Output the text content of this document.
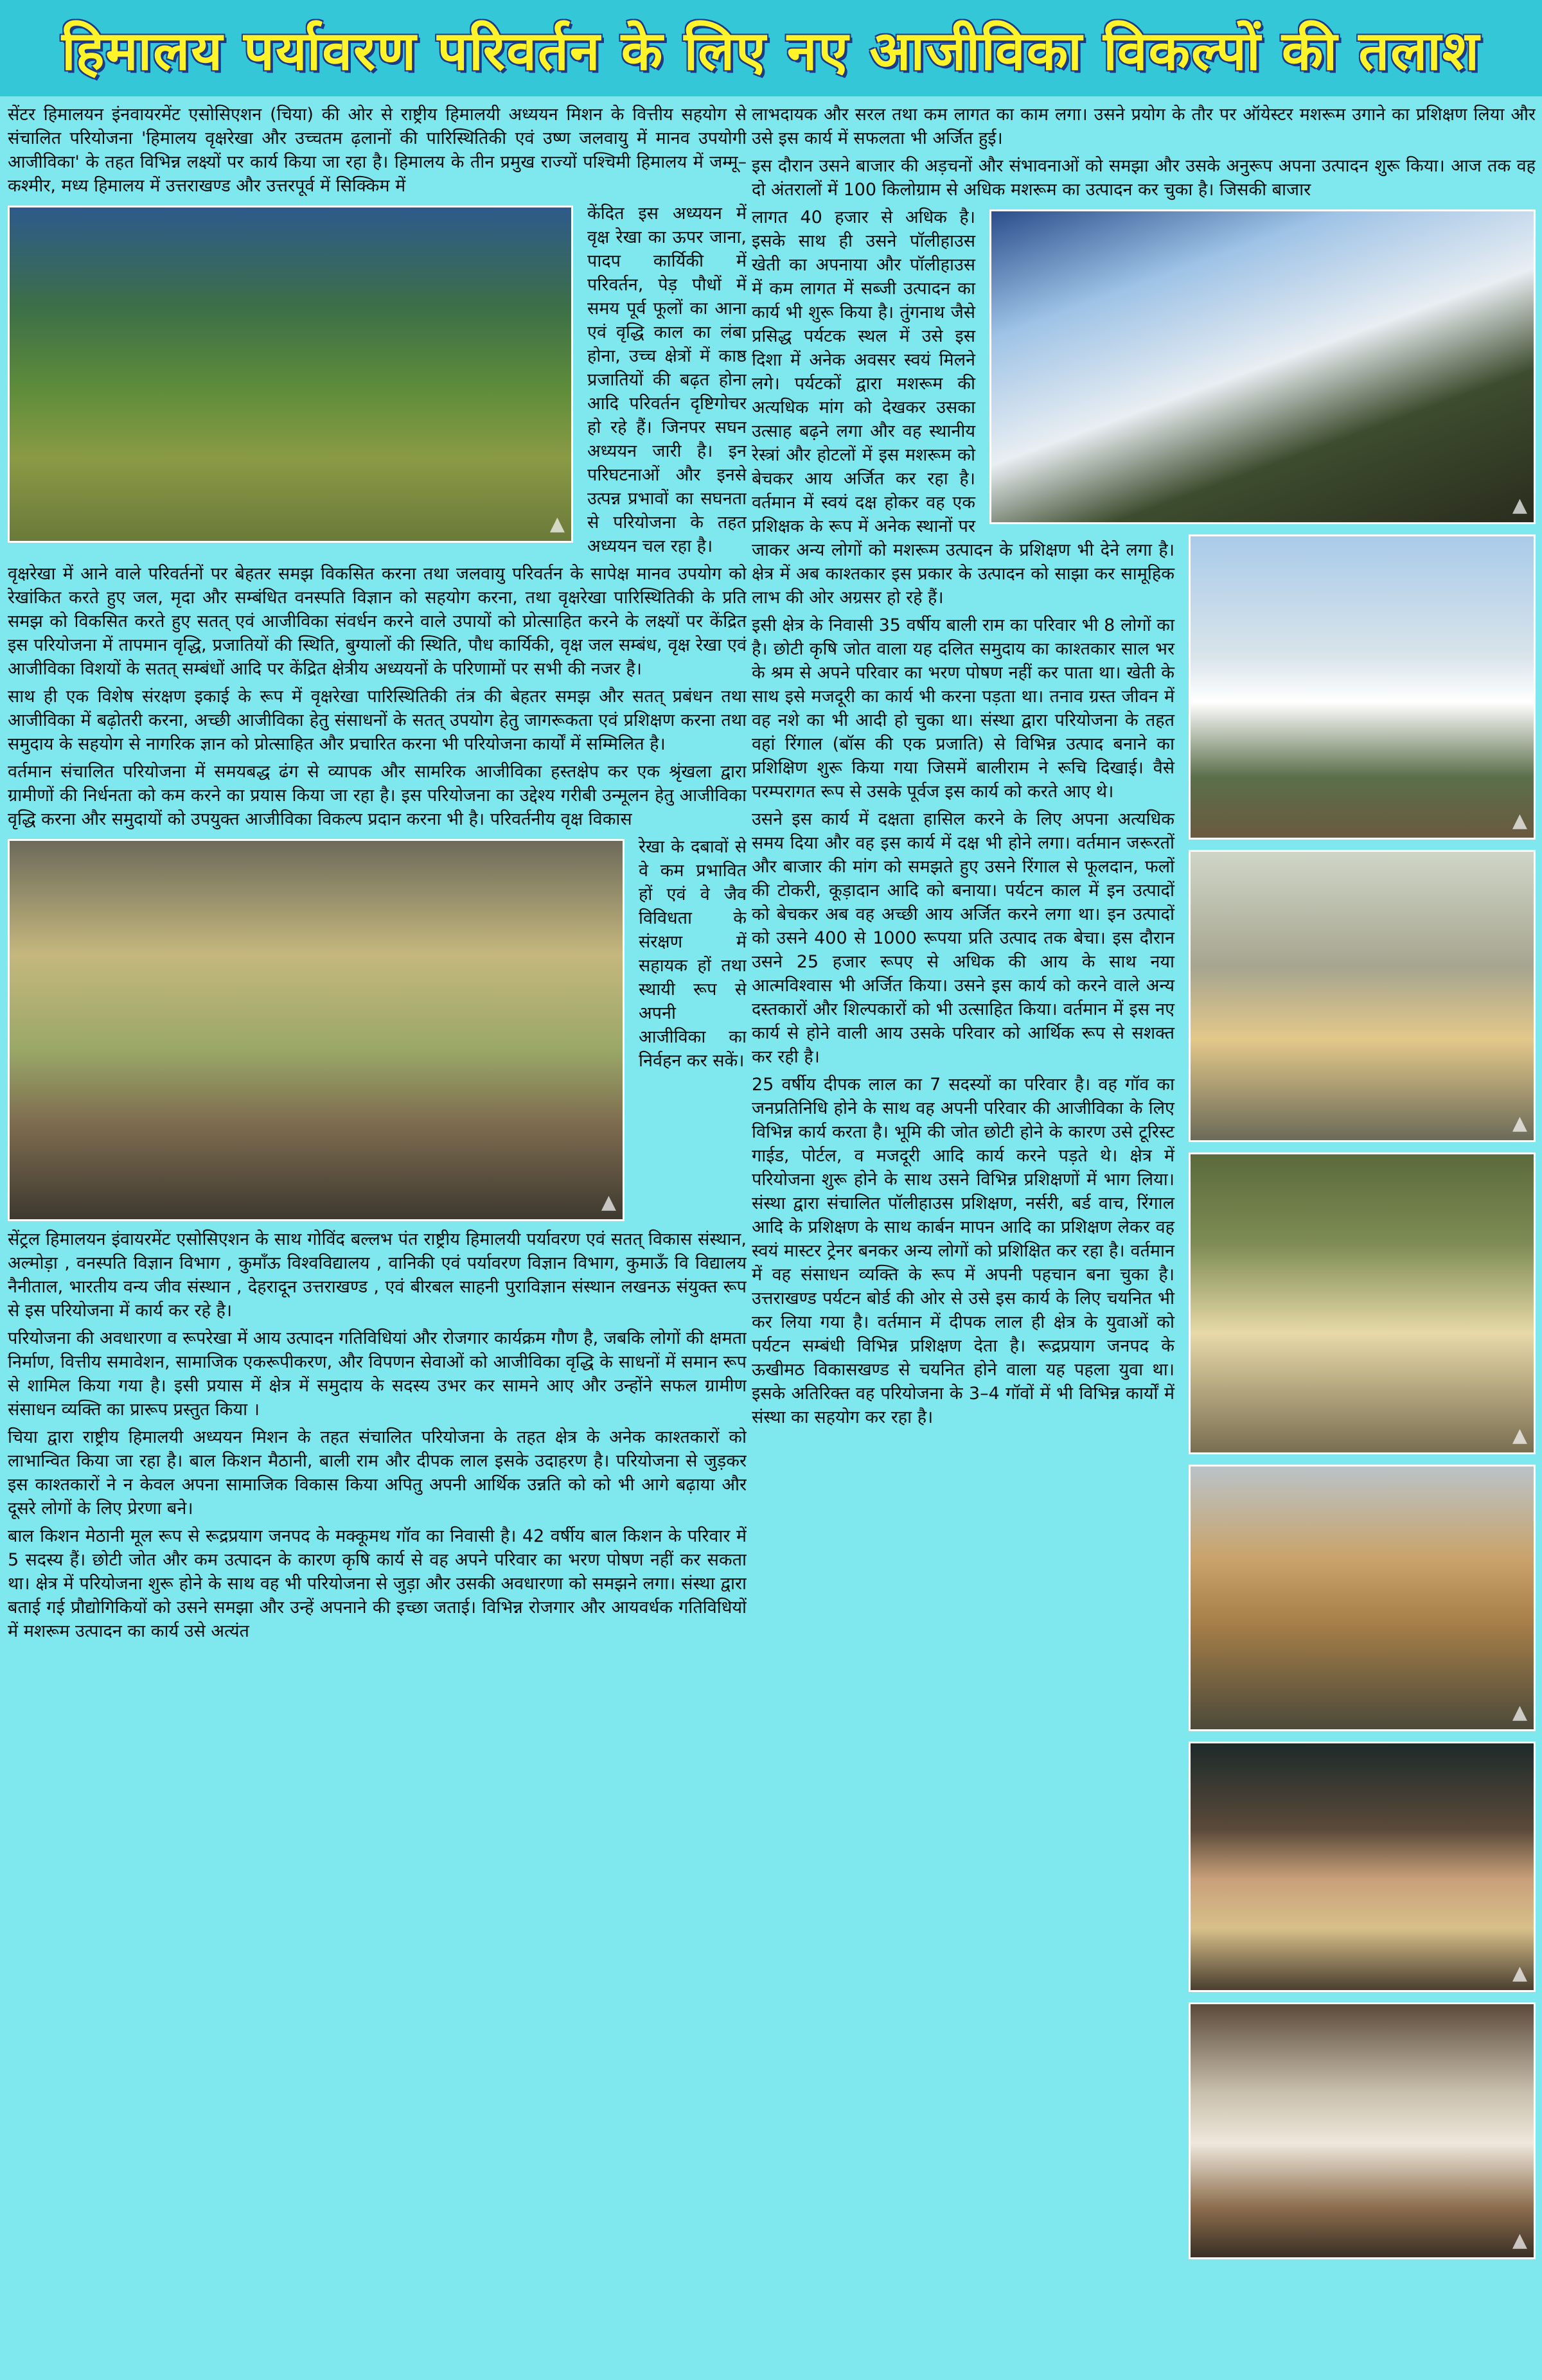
हिमालय पर्यावरण परिवर्तन के लिए नए आजीविका विकल्पों की तलाश

सेंटर हिमालयन इंनवायरमेंट एसोसिएशन (चिया) की ओर से राष्ट्रीय हिमालयी अध्ययन मिशन के वित्तीय सहयोग से संचालित परियोजना 'हिमालय वृक्षरेखा और उच्चतम ढ़लानों की पारिस्थितिकी एवं उष्ण जलवायु में मानव उपयोगी आजीविका' के तहत विभिन्न लक्ष्यों पर कार्य किया जा रहा है। हिमालय के तीन प्रमुख राज्यों पश्चिमी हिमालय में जम्मू–कश्मीर, मध्य हिमालय में उत्तराखण्ड और उत्तरपूर्व में सिक्किम में

▲

केंदित इस अध्ययन में वृक्ष रेखा का ऊपर जाना, पादप कार्यिकी में परिवर्तन, पेड़ पौधों में समय पूर्व फूलों का आना एवं वृद्धि काल का लंबा होना, उच्च क्षेत्रों में काष्ठ प्रजातियों की बढ़त होना आदि परिवर्तन दृष्टिगोचर हो रहे हैं। जिनपर सघन अध्ययन जारी है। इन परिघटनाओं और इनसे उत्पन्न प्रभावों का सघनता से परियोजना के तहत अध्ययन चल रहा है।

वृक्षरेखा में आने वाले परिवर्तनों पर बेहतर समझ विकसित करना तथा जलवायु परिवर्तन के सापेक्ष मानव उपयोग को रेखांकित करते हुए जल, मृदा और सम्बंधित वनस्पति विज्ञान को सहयोग करना, तथा वृक्षरेखा पारिस्थितिकी के प्रति समझ को विकसित करते हुए सतत् एवं आजीविका संवर्धन करने वाले उपायों को प्रोत्साहित करने के लक्ष्यों पर केंद्रित इस परियोजना में तापमान वृद्धि, प्रजातियों की स्थिति, बुग्यालों की स्थिति, पौध कार्यिकी, वृक्ष जल सम्बंध, वृक्ष रेखा एवं आजीविका विशयों के सतत् सम्बंधों आदि पर केंद्रित क्षेत्रीय अध्ययनों के परिणामों पर सभी की नजर है।

साथ ही एक विशेष संरक्षण इकाई के रूप में वृक्षरेखा पारिस्थितिकी तंत्र की बेहतर समझ और सतत् प्रबंधन तथा आजीविका में बढ़ोतरी करना, अच्छी आजीविका हेतु संसाधनों के सतत् उपयोग हेतु जागरूकता एवं प्रशिक्षण करना तथा समुदाय के सहयोग से नागरिक ज्ञान को प्रोत्साहित और प्रचारित करना भी परियोजना कार्यों में सम्मिलित है।

वर्तमान संचालित परियोजना में समयबद्ध ढंग से व्यापक और सामरिक आजीविका हस्तक्षेप कर एक श्रृंखला द्वारा ग्रामीणों की निर्धनता को कम करने का प्रयास किया जा रहा है। इस परियोजना का उद्देश्य गरीबी उन्मूलन हेतु आजीविका वृद्धि करना और समुदायों को उपयुक्त आजीविका विकल्प प्रदान करना भी है। परिवर्तनीय वृक्ष विकास

▲

रेखा के दबावों से वे कम प्रभावित हों एवं वे जैव विविधता के संरक्षण में सहायक हों तथा स्थायी रूप से अपनी आजीविका का निर्वहन कर सकें।

सेंट्रल हिमालयन इंवायरमेंट एसोसिएशन के साथ गोविंद बल्लभ पंत राष्ट्रीय हिमालयी पर्यावरण एवं सतत् विकास संस्थान, अल्मोड़ा , वनस्पति विज्ञान विभाग , कुमाँऊ विश्वविद्यालय , वानिकी एवं पर्यावरण विज्ञान विभाग, कुमाऊँ वि विद्यालय नैनीताल, भारतीय वन्य जीव संस्थान , देहरादून उत्तराखण्ड , एवं बीरबल साहनी पुराविज्ञान संस्थान लखनऊ संयुक्त रूप से इस परियोजना में कार्य कर रहे है।

परियोजना की अवधारणा व रूपरेखा में आय उत्पादन गतिविधियां और रोजगार कार्यक्रम गौण है, जबकि लोगों की क्षमता निर्माण, वित्तीय समावेशन, सामाजिक एकरूपीकरण, और विपणन सेवाओं को आजीविका वृद्धि के साधनों में समान रूप से शामिल किया गया है। इसी प्रयास में क्षेत्र में समुदाय के सदस्य उभर कर सामने आए और उन्होंने सफल ग्रामीण संसाधन व्यक्ति का प्रारूप प्रस्तुत किया ।

चिया द्वारा राष्ट्रीय हिमालयी अध्ययन मिशन के तहत संचालित परियोजना के तहत क्षेत्र के अनेक काश्तकारों को लाभान्वित किया जा रहा है। बाल किशन मैठानी, बाली राम और दीपक लाल इसके उदाहरण है। परियोजना से जुड़कर इस काश्तकारों ने न केवल अपना सामाजिक विकास किया अपितु अपनी आर्थिक उन्नति को को भी आगे बढ़ाया और दूसरे लोगों के लिए प्रेरणा बने।

बाल किशन मेठानी मूल रूप से रूद्रप्रयाग जनपद के मक्कूमथ गॉव का निवासी है। 42 वर्षीय बाल किशन के परिवार में 5 सदस्य हैं। छोटी जोत और कम उत्पादन के कारण कृषि कार्य से वह अपने परिवार का भरण पोषण नहीं कर सकता था। क्षेत्र में परियोजना शुरू होने के साथ वह भी परियोजना से जुड़ा और उसकी अवधारणा को समझने लगा। संस्था द्वारा बताई गई प्रौद्योगिकियों को उसने समझा और उन्हें अपनाने की इच्छा जताई। विभिन्न रोजगार और आयवर्धक गतिविधियों में मशरूम उत्पादन का कार्य उसे अत्यंत

लाभदायक और सरल तथा कम लागत का काम लगा। उसने प्रयोग के तौर पर ऑयेस्टर मशरूम उगाने का प्रशिक्षण लिया और उसे इस कार्य में सफलता भी अर्जित हुई।

इस दौरान उसने बाजार की अड़चनों और संभावनाओं को समझा और उसके अनुरूप अपना उत्पादन शुरू किया। आज तक वह दो अंतरालों में 100 किलोग्राम से अधिक मशरूम का उत्पादन कर चुका है। जिसकी बाजार

▲
▲
▲
▲
▲
▲
▲

लागत 40 हजार से अधिक है। इसके साथ ही उसने पॉलीहाउस खेती का अपनाया और पॉलीहाउस में कम लागत में सब्जी उत्पादन का कार्य भी शुरू किया है। तुंगनाथ जैसे प्रसिद्ध पर्यटक स्थल में उसे इस दिशा में अनेक अवसर स्वयं मिलने लगे। पर्यटकों द्वारा मशरूम की अत्यधिक मांग को देखकर उसका उत्साह बढ़ने लगा और वह स्थानीय रेस्त्रां और होटलों में इस मशरूम को बेचकर आय अर्जित कर रहा है। वर्तमान में स्वयं दक्ष होकर वह एक प्रशिक्षक के रूप में अनेक स्थानों पर जाकर अन्य लोगों को मशरूम उत्पादन के प्रशिक्षण भी देने लगा है। क्षेत्र में अब काश्तकार इस प्रकार के उत्पादन को साझा कर सामूहिक लाभ की ओर अग्रसर हो रहे हैं।

इसी क्षेत्र के निवासी 35 वर्षीय बाली राम का परिवार भी 8 लोगों का है। छोटी कृषि जोत वाला यह दलित समुदाय का काश्तकार साल भर के श्रम से अपने परिवार का भरण पोषण नहीं कर पाता था। खेती के साथ इसे मजदूरी का कार्य भी करना पड़ता था। तनाव ग्रस्त जीवन में वह नशे का भी आदी हो चुका था। संस्था द्वारा परियोजना के तहत वहां रिंगाल (बॉस की एक प्रजाति) से विभिन्न उत्पाद बनाने का प्रशिक्षिण शुरू किया गया जिसमें बालीराम ने रूचि दिखाई। वैसे परम्परागत रूप से उसके पूर्वज इस कार्य को करते आए थे।

उसने इस कार्य में दक्षता हासिल करने के लिए अपना अत्यधिक समय दिया और वह इस कार्य में दक्ष भी होने लगा। वर्तमान जरूरतों और बाजार की मांग को समझते हुए उसने रिंगाल से फूलदान, फलों की टोकरी, कूड़ादान आदि को बनाया। पर्यटन काल में इन उत्पादों को बेचकर अब वह अच्छी आय अर्जित करने लगा था। इन उत्पादों को उसने 400 से 1000 रूपया प्रति उत्पाद तक बेचा। इस दौरान उसने 25 हजार रूपए से अधिक की आय के साथ नया आत्मविश्वास भी अर्जित किया। उसने इस कार्य को करने वाले अन्य दस्तकारों और शिल्पकारों को भी उत्साहित किया। वर्तमान में इस नए कार्य से होने वाली आय उसके परिवार को आर्थिक रूप से सशक्त कर रही है।

25 वर्षीय दीपक लाल का 7 सदस्यों का परिवार है। वह गॉव का जनप्रतिनिधि होने के साथ वह अपनी परिवार की आजीविका के लिए विभिन्न कार्य करता है। भूमि की जोत छोटी होने के कारण उसे टूरिस्ट गाईड, पोर्टल, व मजदूरी आदि कार्य करने पड़ते थे। क्षेत्र में परियोजना शुरू होने के साथ उसने विभिन्न प्रशिक्षणों में भाग लिया। संस्था द्वारा संचालित पॉलीहाउस प्रशिक्षण, नर्सरी, बर्ड वाच, रिंगाल आदि के प्रशिक्षण के साथ कार्बन मापन आदि का प्रशिक्षण लेकर वह स्वयं मास्टर ट्रेनर बनकर अन्य लोगों को प्रशिक्षित कर रहा है। वर्तमान में वह संसाधन व्यक्ति के रूप में अपनी पहचान बना चुका है। उत्तराखण्ड पर्यटन बोर्ड की ओर से उसे इस कार्य के लिए चयनित भी कर लिया गया है। वर्तमान में दीपक लाल ही क्षेत्र के युवाओं को पर्यटन सम्बंधी विभिन्न प्रशिक्षण देता है। रूद्रप्रयाग जनपद के ऊखीमठ विकासखण्ड से चयनित होने वाला यह पहला युवा था। इसके अतिरिक्त वह परियोजना के 3–4 गॉवों में भी विभिन्न कार्यों में संस्था का सहयोग कर रहा है।
